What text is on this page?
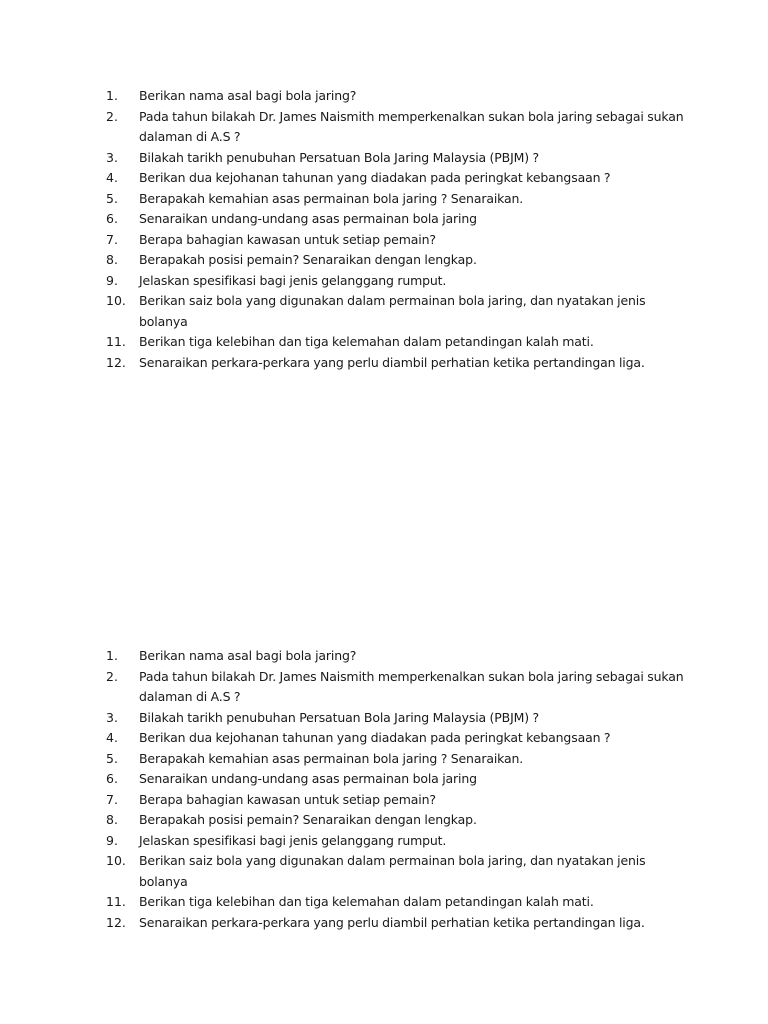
1.	Berikan nama asal bagi bola jaring?
2.	Pada tahun bilakah Dr. James Naismith memperkenalkan sukan bola jaring sebagai sukan dalaman di A.S ?
3.	Bilakah tarikh penubuhan Persatuan Bola Jaring Malaysia (PBJM) ?
4.	Berikan dua kejohanan tahunan yang diadakan pada peringkat kebangsaan ?
5.	Berapakah kemahian asas permainan bola jaring ? Senaraikan.
6.	Senaraikan undang-undang asas permainan bola jaring
7.	Berapa bahagian kawasan untuk setiap pemain?
8.	Berapakah posisi pemain? Senaraikan dengan lengkap.
9.	Jelaskan spesifikasi bagi jenis gelanggang rumput.
10.	Berikan saiz bola yang digunakan dalam permainan bola jaring, dan nyatakan jenis bolanya
11.	Berikan tiga kelebihan dan tiga kelemahan dalam petandingan kalah mati.
12.	Senaraikan perkara-perkara yang perlu diambil perhatian ketika pertandingan liga.
1.	Berikan nama asal bagi bola jaring?
2.	Pada tahun bilakah Dr. James Naismith memperkenalkan sukan bola jaring sebagai sukan dalaman di A.S ?
3.	Bilakah tarikh penubuhan Persatuan Bola Jaring Malaysia (PBJM) ?
4.	Berikan dua kejohanan tahunan yang diadakan pada peringkat kebangsaan ?
5.	Berapakah kemahian asas permainan bola jaring ? Senaraikan.
6.	Senaraikan undang-undang asas permainan bola jaring
7.	Berapa bahagian kawasan untuk setiap pemain?
8.	Berapakah posisi pemain? Senaraikan dengan lengkap.
9.	Jelaskan spesifikasi bagi jenis gelanggang rumput.
10.	Berikan saiz bola yang digunakan dalam permainan bola jaring, dan nyatakan jenis bolanya
11.	Berikan tiga kelebihan dan tiga kelemahan dalam petandingan kalah mati.
12.	Senaraikan perkara-perkara yang perlu diambil perhatian ketika pertandingan liga.
